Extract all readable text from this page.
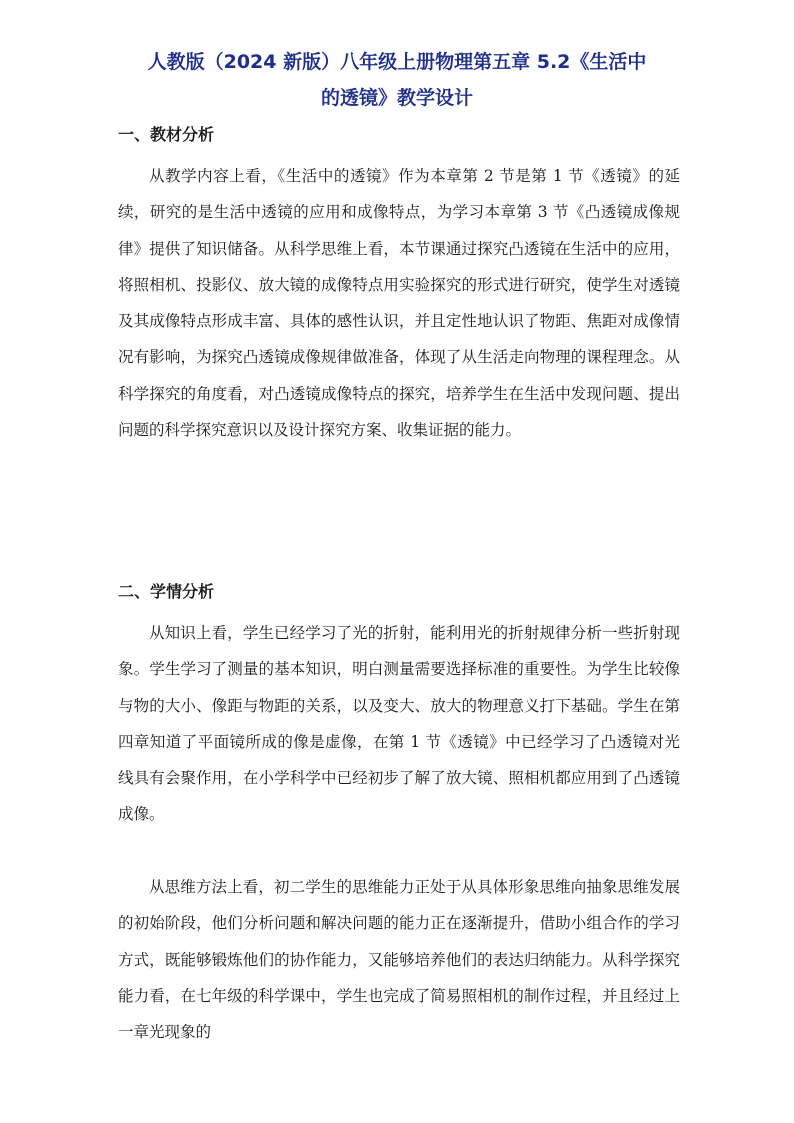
人教版（2024 新版）八年级上册物理第五章 5.2《生活中
的透镜》教学设计
一、教材分析
从教学内容上看，《生活中的透镜》作为本章第 2 节是第 1 节《透镜》的延续，研究的是生活中透镜的应用和成像特点，为学习本章第 3 节《凸透镜成像规律》提供了知识储备。从科学思维上看，本节课通过探究凸透镜在生活中的应用，将照相机、投影仪、放大镜的成像特点用实验探究的形式进行研究，使学生对透镜及其成像特点形成丰富、具体的感性认识，并且定性地认识了物距、焦距对成像情况有影响，为探究凸透镜成像规律做准备，体现了从生活走向物理的课程理念。从科学探究的角度看，对凸透镜成像特点的探究，培养学生在生活中发现问题、提出问题的科学探究意识以及设计探究方案、收集证据的能力。
二、学情分析
从知识上看，学生已经学习了光的折射，能利用光的折射规律分析一些折射现象。学生学习了测量的基本知识，明白测量需要选择标准的重要性。为学生比较像与物的大小、像距与物距的关系，以及变大、放大的物理意义打下基础。学生在第四章知道了平面镜所成的像是虚像，在第 1 节《透镜》中已经学习了凸透镜对光线具有会聚作用，在小学科学中已经初步了解了放大镜、照相机都应用到了凸透镜成像。
从思维方法上看，初二学生的思维能力正处于从具体形象思维向抽象思维发展的初始阶段，他们分析问题和解决问题的能力正在逐渐提升，借助小组合作的学习方式，既能够锻炼他们的协作能力，又能够培养他们的表达归纳能力。从科学探究能力看，在七年级的科学课中，学生也完成了简易照相机的制作过程，并且经过上一章光现象的
